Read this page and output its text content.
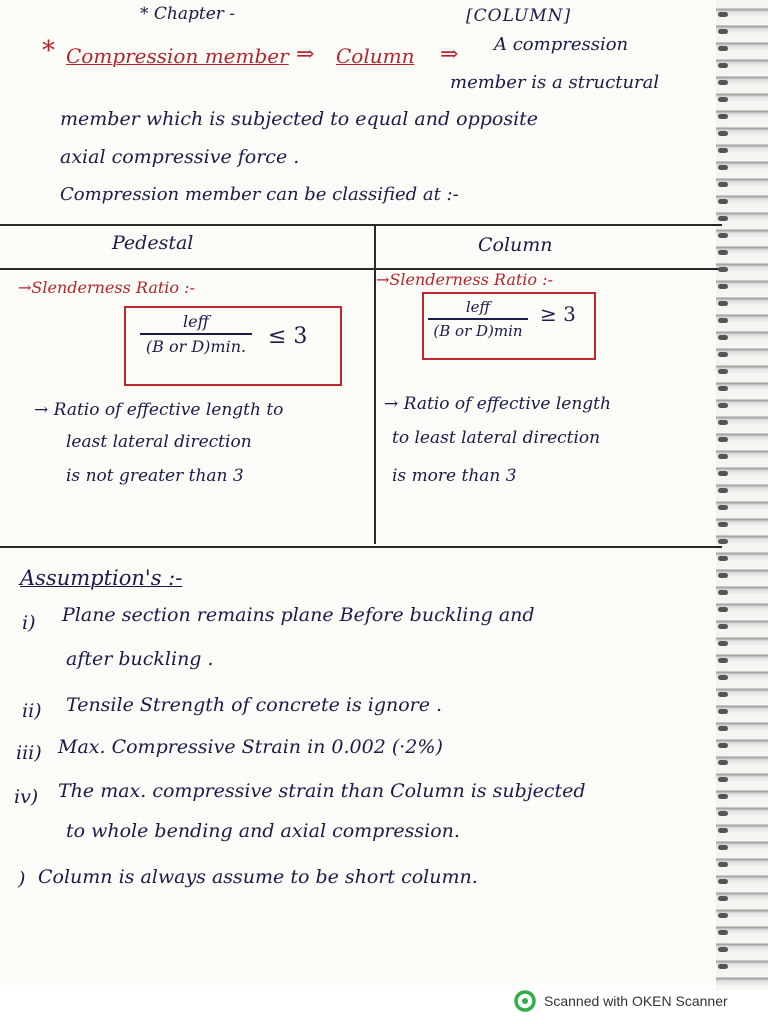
* Chapter -	[COLUMN]
* Compression member ⇒ Column ⇒ A compression
member is a structural
member which is subjected to equal and opposite
axial compressive force .
Compression member can be classified at :-
Pedestal
→Slenderness Ratio :-
leff
(B or D)min. ≤ 3
→ Ratio of effective length to
least lateral direction
is not greater than 3
Column
→Slenderness Ratio :-
leff
(B or D)min
≥ 3
→ Ratio of effective length
to least lateral direction
is more than 3
Assumption's :-
i) Plane section remains plane Before buckling and
after buckling .
ii) Tensile Strength of concrete is ignore .
iii) Max. Compressive Strain in 0.002 (·2%)
iv) The max. compressive strain than Column is subjected
to whole bending and axial compression.
) Column is always assume to be short column.
Scanned with OKEN Scanner
